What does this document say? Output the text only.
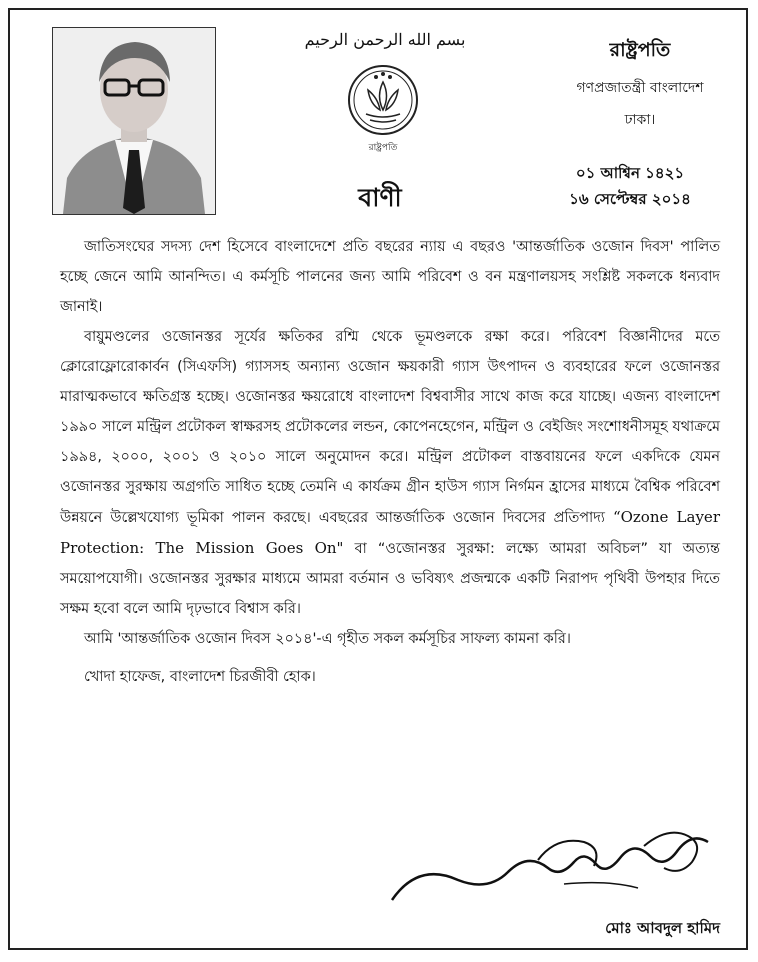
بسم الله الرحمن الرحيم
রাষ্ট্রপতি
রাষ্ট্রপতি
গণপ্রজাতন্ত্রী বাংলাদেশ
ঢাকা।
০১ আশ্বিন ১৪২১
১৬ সেপ্টেম্বর ২০১৪
বাণী

জাতিসংঘের সদস্য দেশ হিসেবে বাংলাদেশে প্রতি বছরের ন্যায় এ বছরও 'আন্তর্জাতিক ওজোন দিবস' পালিত হচ্ছে জেনে আমি আনন্দিত। এ কর্মসূচি পালনের জন্য আমি পরিবেশ ও বন মন্ত্রণালয়সহ সংশ্লিষ্ট সকলকে ধন্যবাদ জানাই।

বায়ুমণ্ডলের ওজোনস্তর সূর্যের ক্ষতিকর রশ্মি থেকে ভূমণ্ডলকে রক্ষা করে। পরিবেশ বিজ্ঞানীদের মতে ক্লোরোফ্লোরোকার্বন (সিএফসি) গ্যাসসহ অন্যান্য ওজোন ক্ষয়কারী গ্যাস উৎপাদন ও ব্যবহারের ফলে ওজোনস্তর মারাত্মকভাবে ক্ষতিগ্রস্ত হচ্ছে। ওজোনস্তর ক্ষয়রোধে বাংলাদেশ বিশ্ববাসীর সাথে কাজ করে যাচ্ছে। এজন্য বাংলাদেশ ১৯৯০ সালে মন্ট্রিল প্রটোকল স্বাক্ষরসহ প্রটোকলের লন্ডন, কোপেনহেগেন, মন্ট্রিল ও বেইজিং সংশোধনীসমূহ যথাক্রমে ১৯৯৪, ২০০০, ২০০১ ও ২০১০ সালে অনুমোদন করে। মন্ট্রিল প্রটোকল বাস্তবায়নের ফলে একদিকে যেমন ওজোনস্তর সুরক্ষায় অগ্রগতি সাধিত হচ্ছে তেমনি এ কার্যক্রম গ্রীন হাউস গ্যাস নির্গমন হ্রাসের মাধ্যমে বৈশ্বিক পরিবেশ উন্নয়নে উল্লেখযোগ্য ভূমিকা পালন করছে। এবছরের আন্তর্জাতিক ওজোন দিবসের প্রতিপাদ্য “Ozone Layer Protection: The Mission Goes On" বা “ওজোনস্তর সুরক্ষা: লক্ষ্যে আমরা অবিচল” যা অত্যন্ত সময়োপযোগী। ওজোনস্তর সুরক্ষার মাধ্যমে আমরা বর্তমান ও ভবিষ্যৎ প্রজন্মকে একটি নিরাপদ পৃথিবী উপহার দিতে সক্ষম হবো বলে আমি দৃঢ়ভাবে বিশ্বাস করি।

আমি 'আন্তর্জাতিক ওজোন দিবস ২০১৪'-এ গৃহীত সকল কর্মসূচির সাফল্য কামনা করি।

খোদা হাফেজ, বাংলাদেশ চিরজীবী হোক।

মোঃ আবদুল হামিদ
